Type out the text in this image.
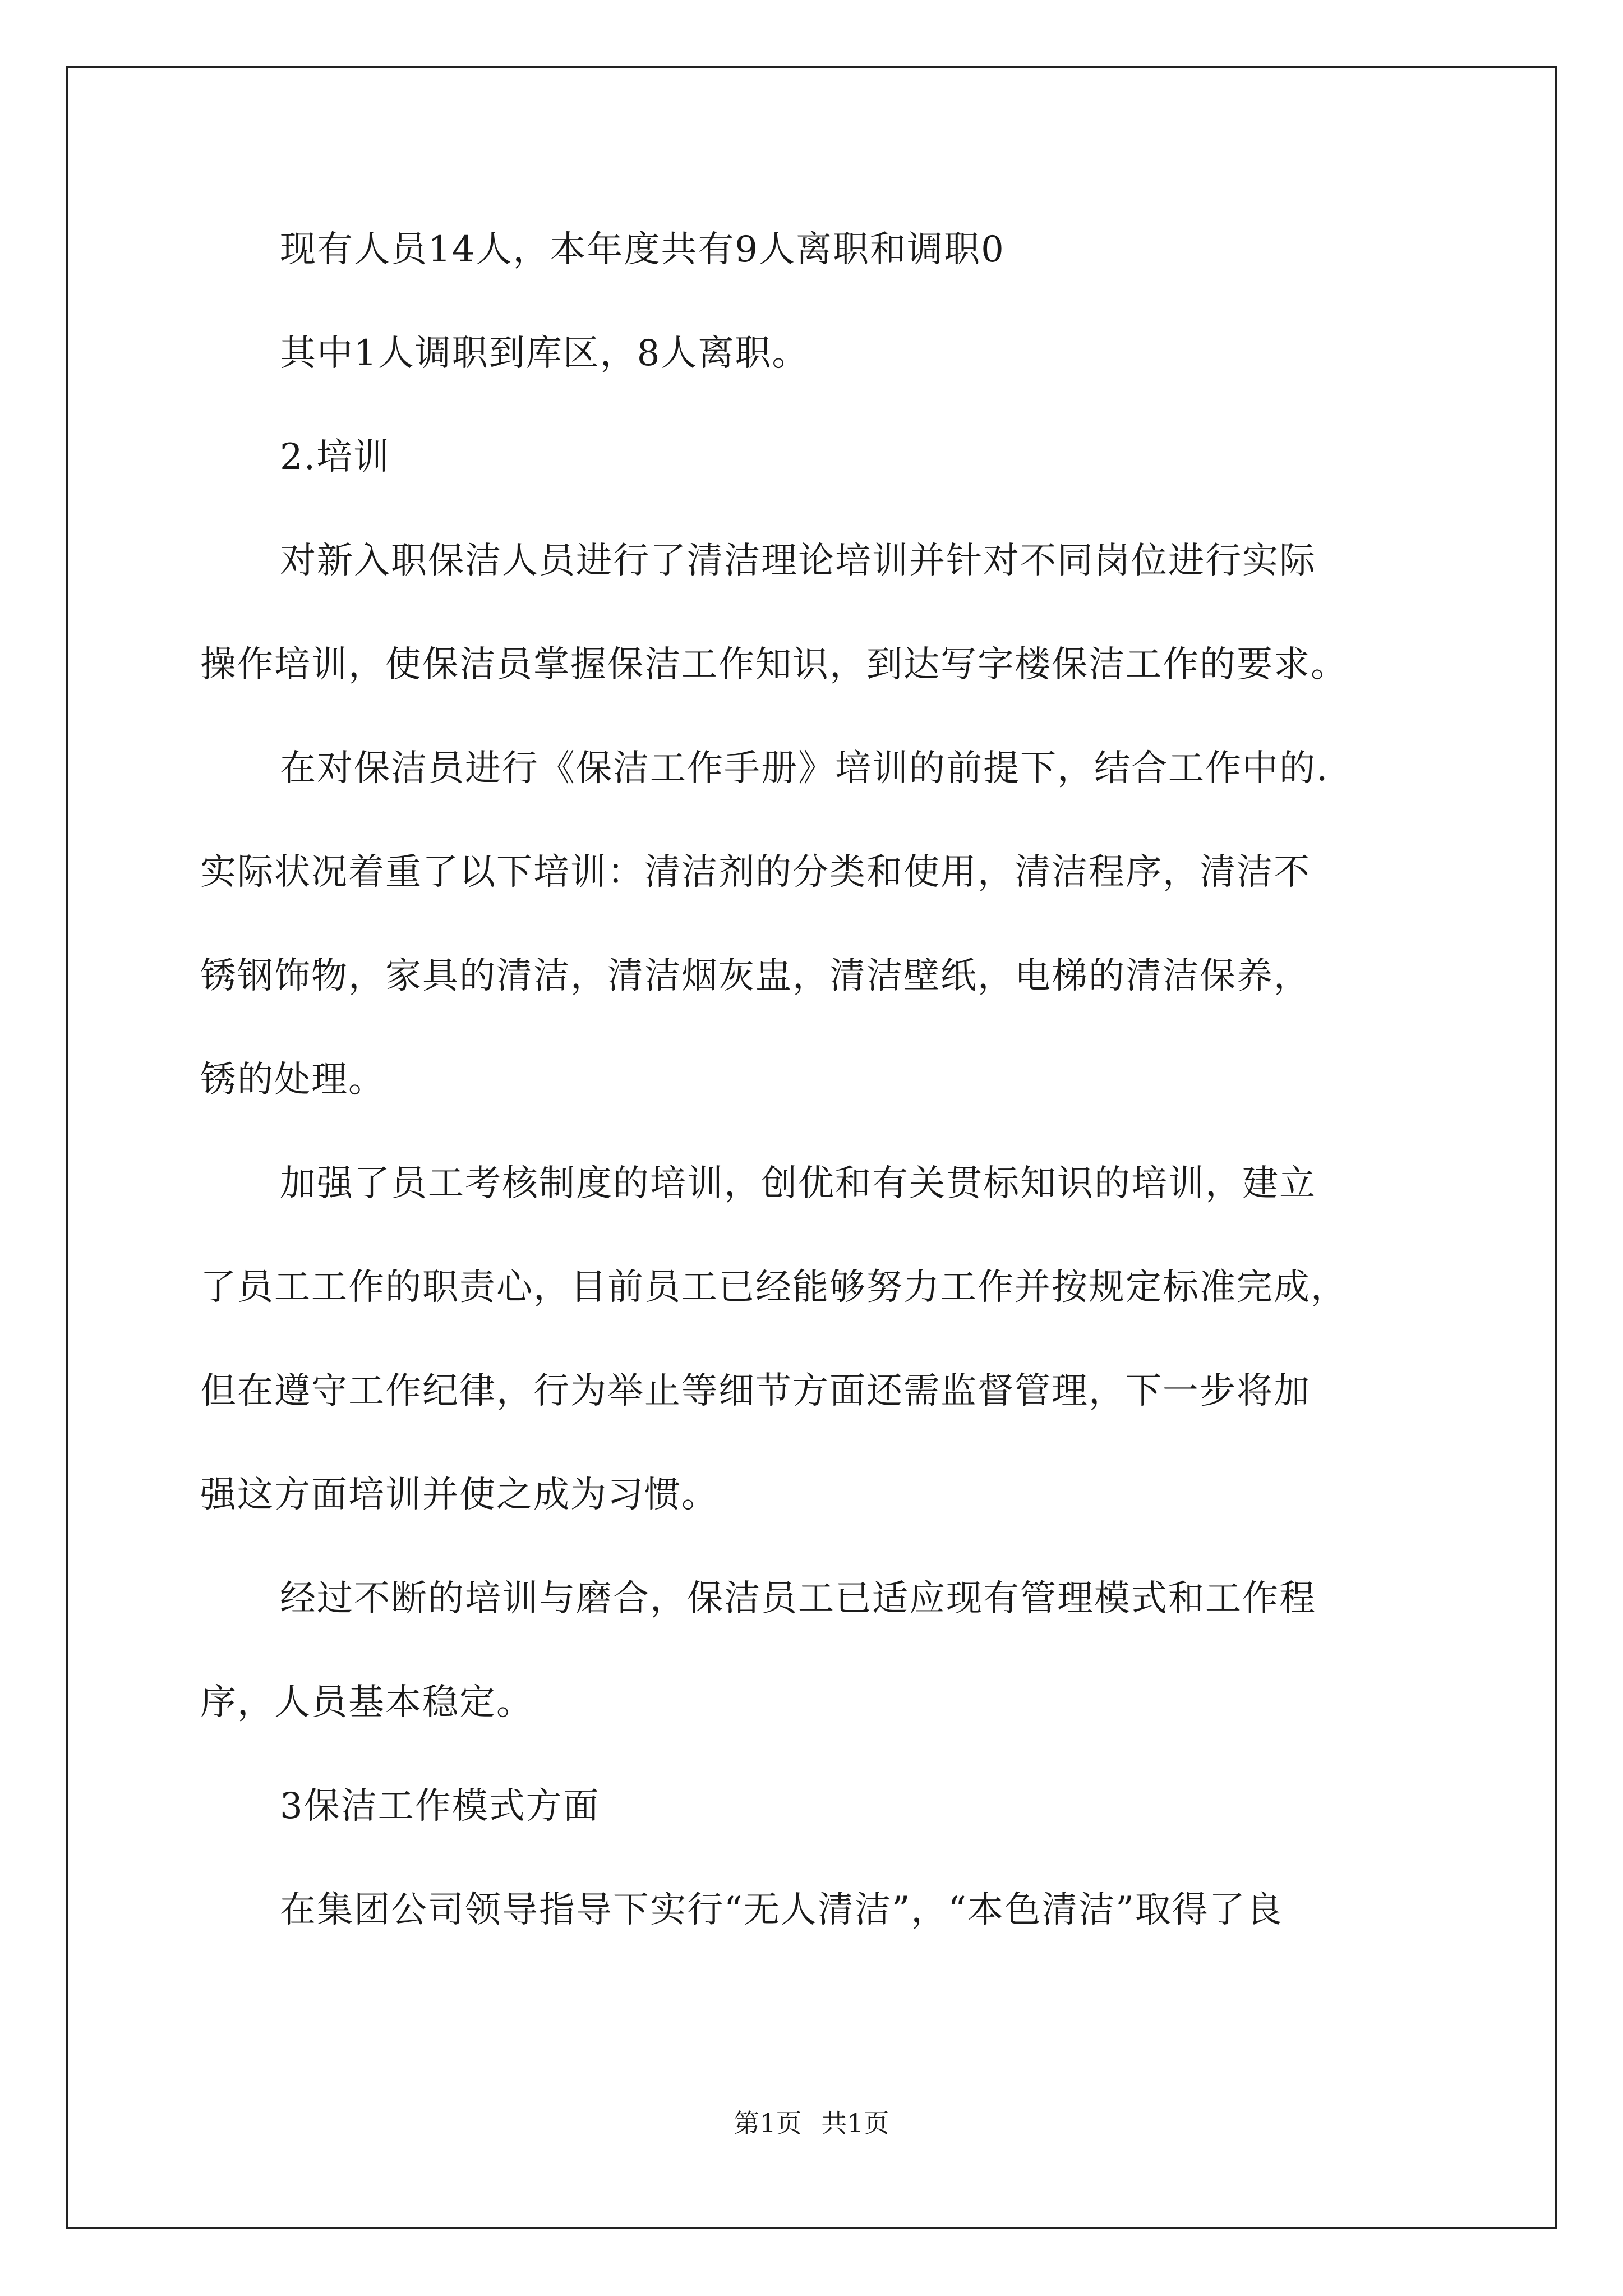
现有人员14人，本年度共有9人离职和调职0
其中1人调职到库区，8人离职。
2.培训
对新入职保洁人员进行了清洁理论培训并针对不同岗位进行实际
操作培训，使保洁员掌握保洁工作知识，到达写字楼保洁工作的要求。
在对保洁员进行《保洁工作手册》培训的前提下，结合工作中的.
实际状况着重了以下培训：清洁剂的分类和使用，清洁程序，清洁不
锈钢饰物，家具的清洁，清洁烟灰盅，清洁壁纸，电梯的清洁保养，
锈的处理。
加强了员工考核制度的培训，创优和有关贯标知识的培训，建立
了员工工作的职责心，目前员工已经能够努力工作并按规定标准完成，
但在遵守工作纪律，行为举止等细节方面还需监督管理，下一步将加
强这方面培训并使之成为习惯。
经过不断的培训与磨合，保洁员工已适应现有管理模式和工作程
序，人员基本稳定。
3保洁工作模式方面
在集团公司领导指导下实行“无人清洁”，“本色清洁”取得了良
第1页 共1页
